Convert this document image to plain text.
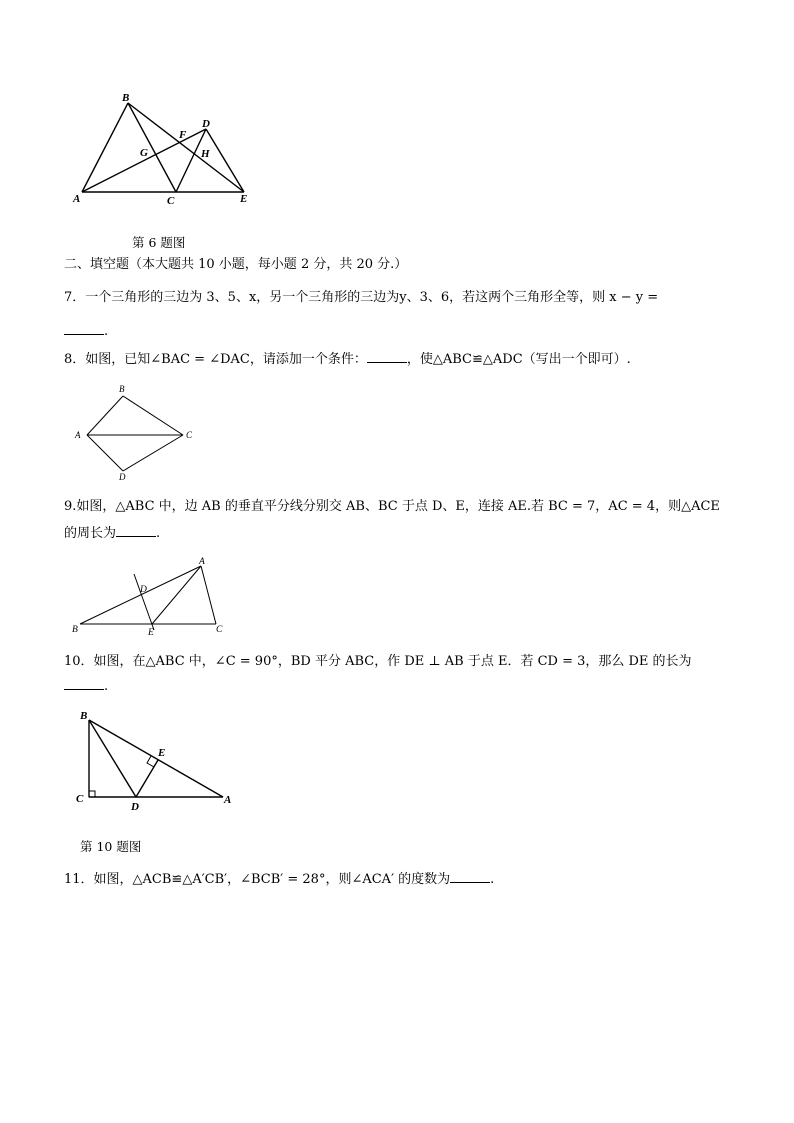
B
D
F
G	H
A	C	E
第 6 题图
二、填空题（本大题共 10 小题，每小题 2 分，共 20 分.）
7．一个三角形的三边为 3、5、x，另一个三角形的三边为y、3、6，若这两个三角形全等，则 x − y =
.
8．如图，已知∠BAC = ∠DAC，请添加一个条件：	，使△ABC≌△ADC（写出一个即可）.
B
A	C
D
9.如图，△ABC 中，边 AB 的垂直平分线分别交 AB、BC 于点 D、E，连接 AE.若 BC = 7，AC = 4，则△ACE
的周长为	.
A
D
B	E	C
10．如图，在△ABC 中，∠C = 90°，BD 平分 ABC，作 DE ⊥ AB 于点 E．若 CD = 3，那么 DE 的长为
.
B
E
C
D
A
第 10 题图
11．如图，△ACB≌△A′CB′，∠BCB′ = 28°，则∠ACA′ 的度数为	.
